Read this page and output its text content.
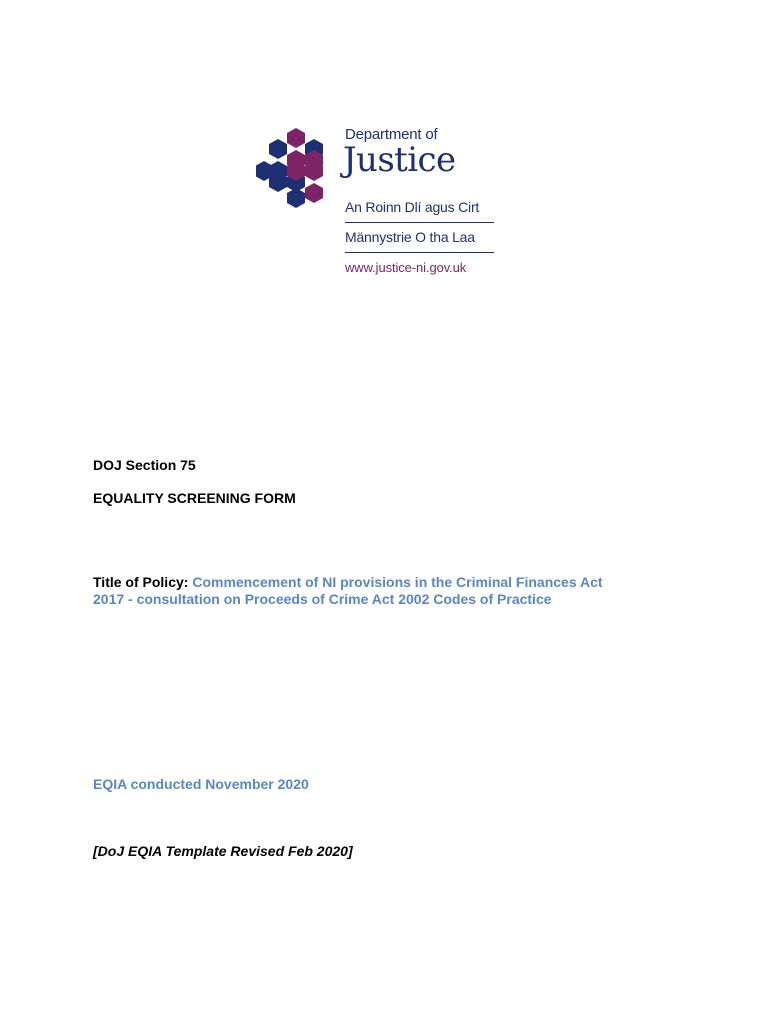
Department of
Justice
An Roinn Dlí agus Cirt
Männystrie O tha Laa
www.justice-ni.gov.uk
DOJ Section 75
EQUALITY SCREENING FORM
Title of Policy: Commencement of NI provisions in the Criminal Finances Act
2017 - consultation on Proceeds of Crime Act 2002 Codes of Practice
EQIA conducted November 2020
[DoJ EQIA Template Revised Feb 2020]
